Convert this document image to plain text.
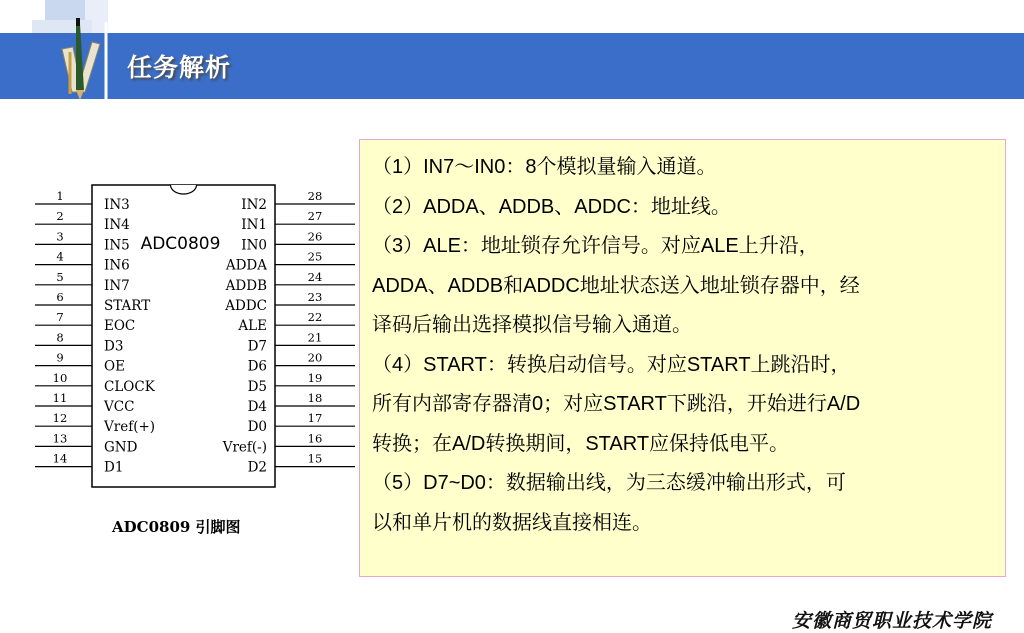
任务解析
ADC0809
1
IN3
2
IN4
3
IN5
4
IN6
5
IN7
6
START
7
EOC
8
D3
9
OE
10
CLOCK
11
VCC
12
Vref(+)
13
GND
14
D1
28
IN2
27
IN1
26
IN0
25
ADDA
24
ADDB
23
ADDC
22
ALE
21
D7
20
D6
19
D5
18
D4
17
D0
16
Vref(-)
15
D2
ADC0809 引脚图
（1）IN7～IN0：8个模拟量输入通道。
（2）ADDA、ADDB、ADDC：地址线。
（3）ALE：地址锁存允许信号。对应ALE上升沿，
ADDA、ADDB和ADDC地址状态送入地址锁存器中，经
译码后输出选择模拟信号输入通道。
（4）START：转换启动信号。对应START上跳沿时，
所有内部寄存器清0；对应START下跳沿，开始进行A/D
转换；在A/D转换期间，START应保持低电平。
（5）D7~D0：数据输出线，为三态缓冲输出形式，可
以和单片机的数据线直接相连。
安徽商贸职业技术学院
